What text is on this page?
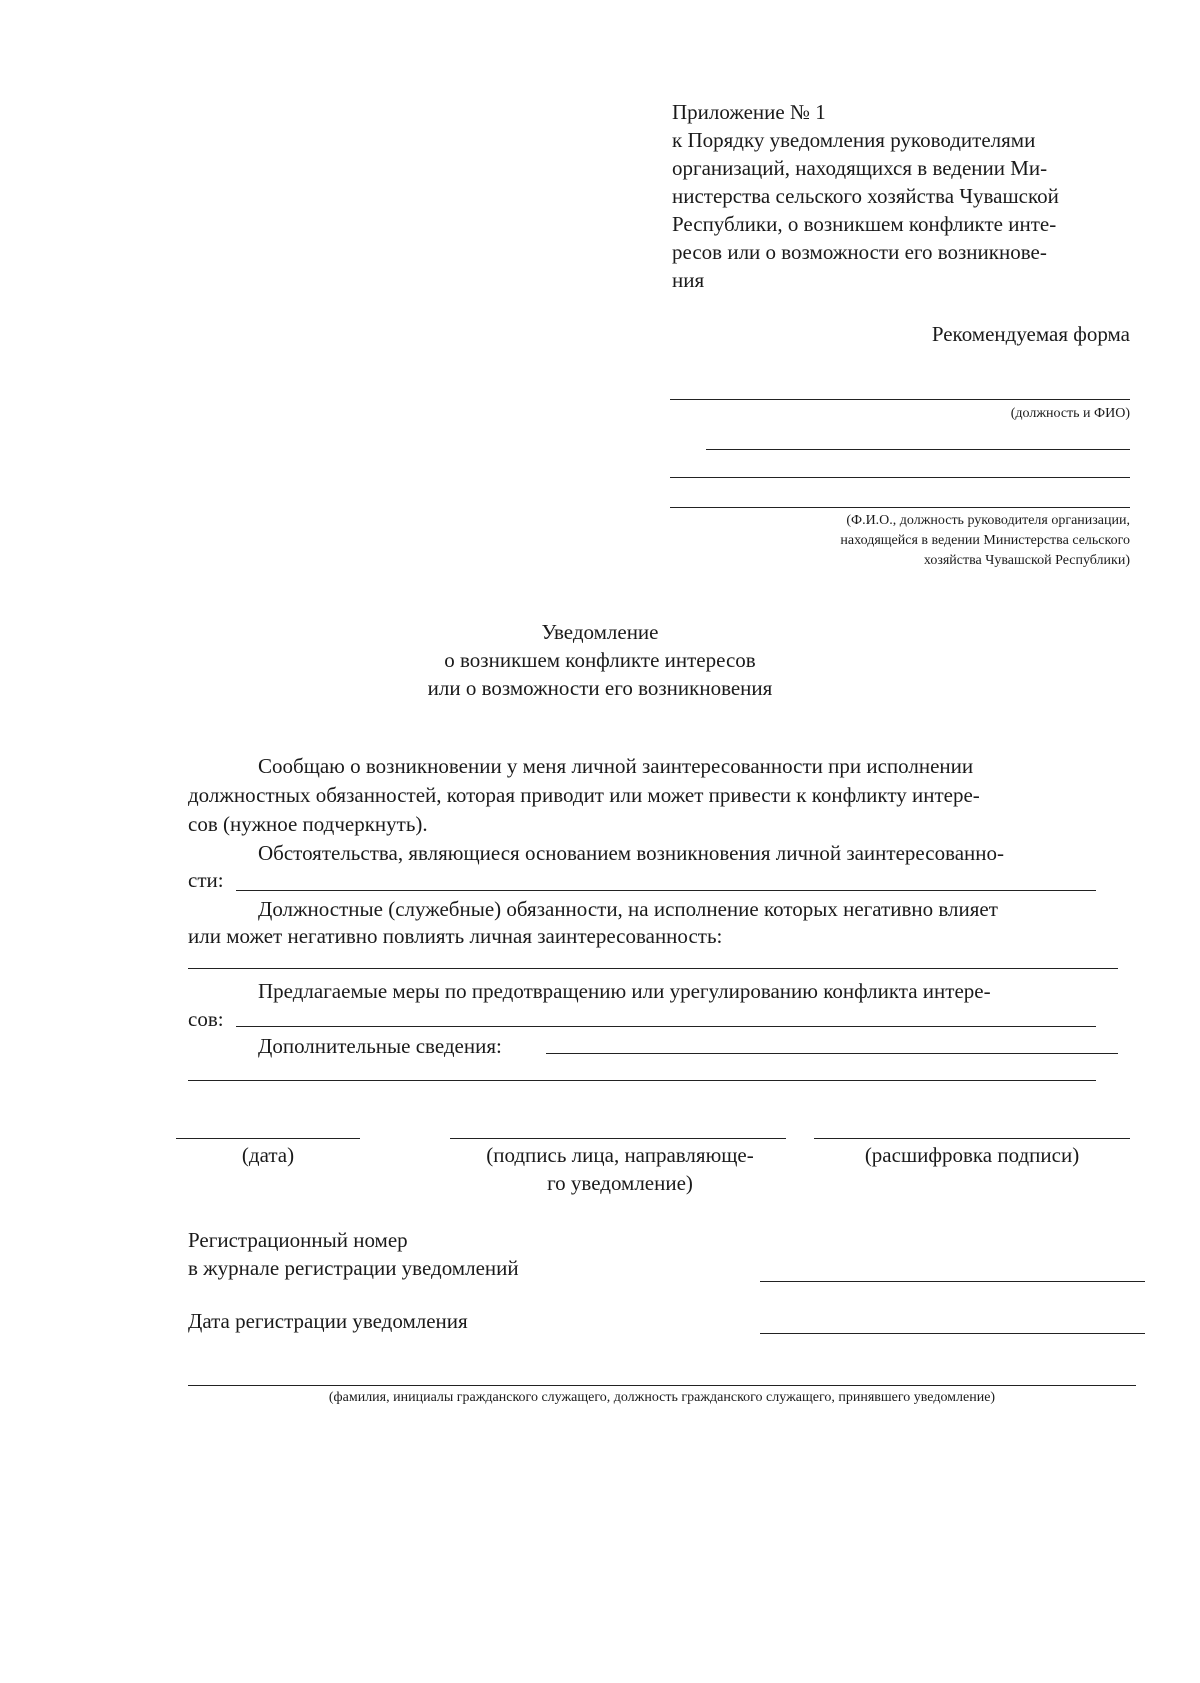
Приложение № 1
к Порядку уведомления руководителями
организаций, находящихся в ведении Ми-
нистерства сельского хозяйства Чувашской
Республики, о возникшем конфликте инте-
ресов или о возможности его возникнове-
ния
Рекомендуемая форма
(должность и ФИО)
(Ф.И.О., должность руководителя организации,
находящейся в ведении Министерства сельского
хозяйства Чувашской Республики)
Уведомление
о возникшем конфликте интересов
или о возможности его возникновения
Сообщаю о возникновении у меня личной заинтересованности при исполнении
должностных обязанностей, которая приводит или может привести к конфликту интере-
сов (нужное подчеркнуть).
Обстоятельства, являющиеся основанием возникновения личной заинтересованно-
сти:
Должностные (служебные) обязанности, на исполнение которых негативно влияет
или может негативно повлиять личная заинтересованность:
Предлагаемые меры по предотвращению или урегулированию конфликта интере-
сов:
Дополнительные сведения:
(дата)	(подпись лица, направляюще-
го уведомление)
(расшифровка подписи)
Регистрационный номер
в журнале регистрации уведомлений
Дата регистрации уведомления
(фамилия, инициалы гражданского служащего, должность гражданского служащего, принявшего уведомление)
